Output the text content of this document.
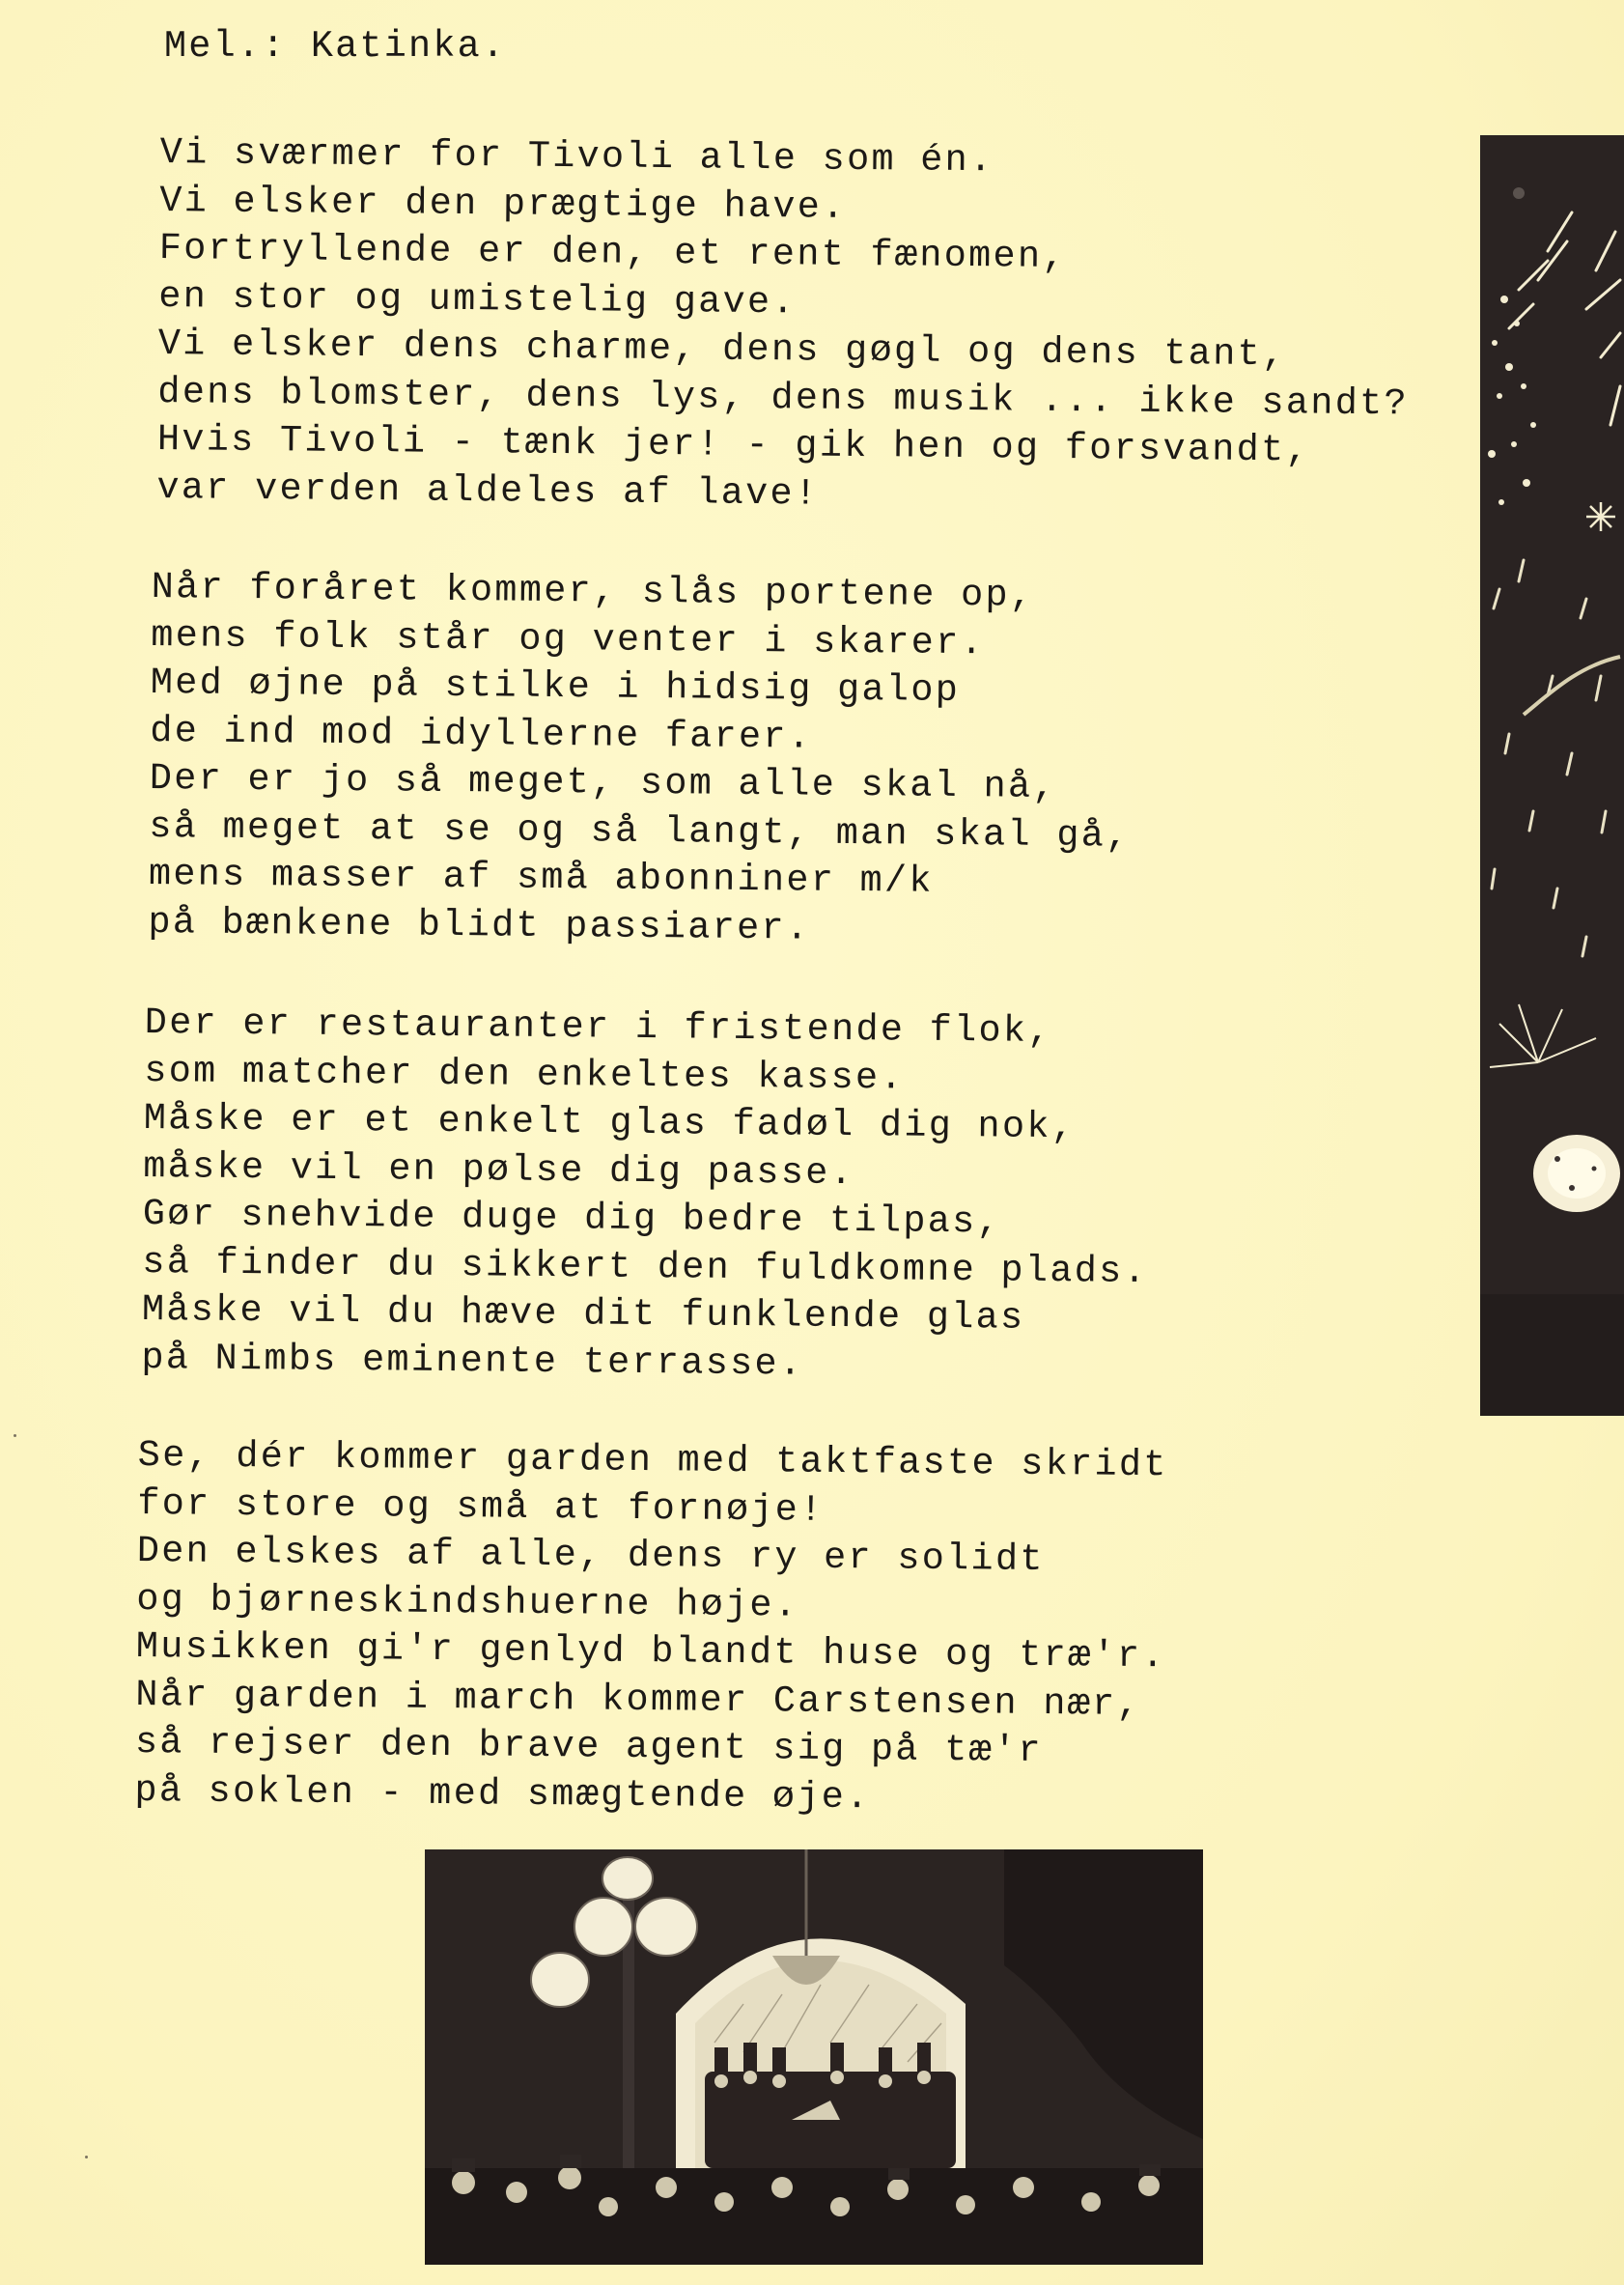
Mel.: Katinka.

Vi sværmer for Tivoli alle som én.
Vi elsker den prægtige have.
Fortryllende er den, et rent fænomen,
en stor og umistelig gave.
Vi elsker dens charme, dens gøgl og dens tant,
dens blomster, dens lys, dens musik ... ikke sandt?
Hvis Tivoli - tænk jer! - gik hen og forsvandt,
var verden aldeles af lave!
Når foråret kommer, slås portene op,
mens folk står og venter i skarer.
Med øjne på stilke i hidsig galop
de ind mod idyllerne farer.
Der er jo så meget, som alle skal nå,
så meget at se og så langt, man skal gå,
mens masser af små abonniner m/k
på bænkene blidt passiarer.
Der er restauranter i fristende flok,
som matcher den enkeltes kasse.
Måske er et enkelt glas fadøl dig nok,
måske vil en pølse dig passe.
Gør snehvide duge dig bedre tilpas,
så finder du sikkert den fuldkomne plads.
Måske vil du hæve dit funklende glas
på Nimbs eminente terrasse.
Se, dér kommer garden med taktfaste skridt
for store og små at fornøje!
Den elskes af alle, dens ry er solidt
og bjørneskindshuerne høje.
Musikken gi'r genlyd blandt huse og træ'r.
Når garden i march kommer Carstensen nær,
så rejser den brave agent sig på tæ'r
på soklen - med smægtende øje.
